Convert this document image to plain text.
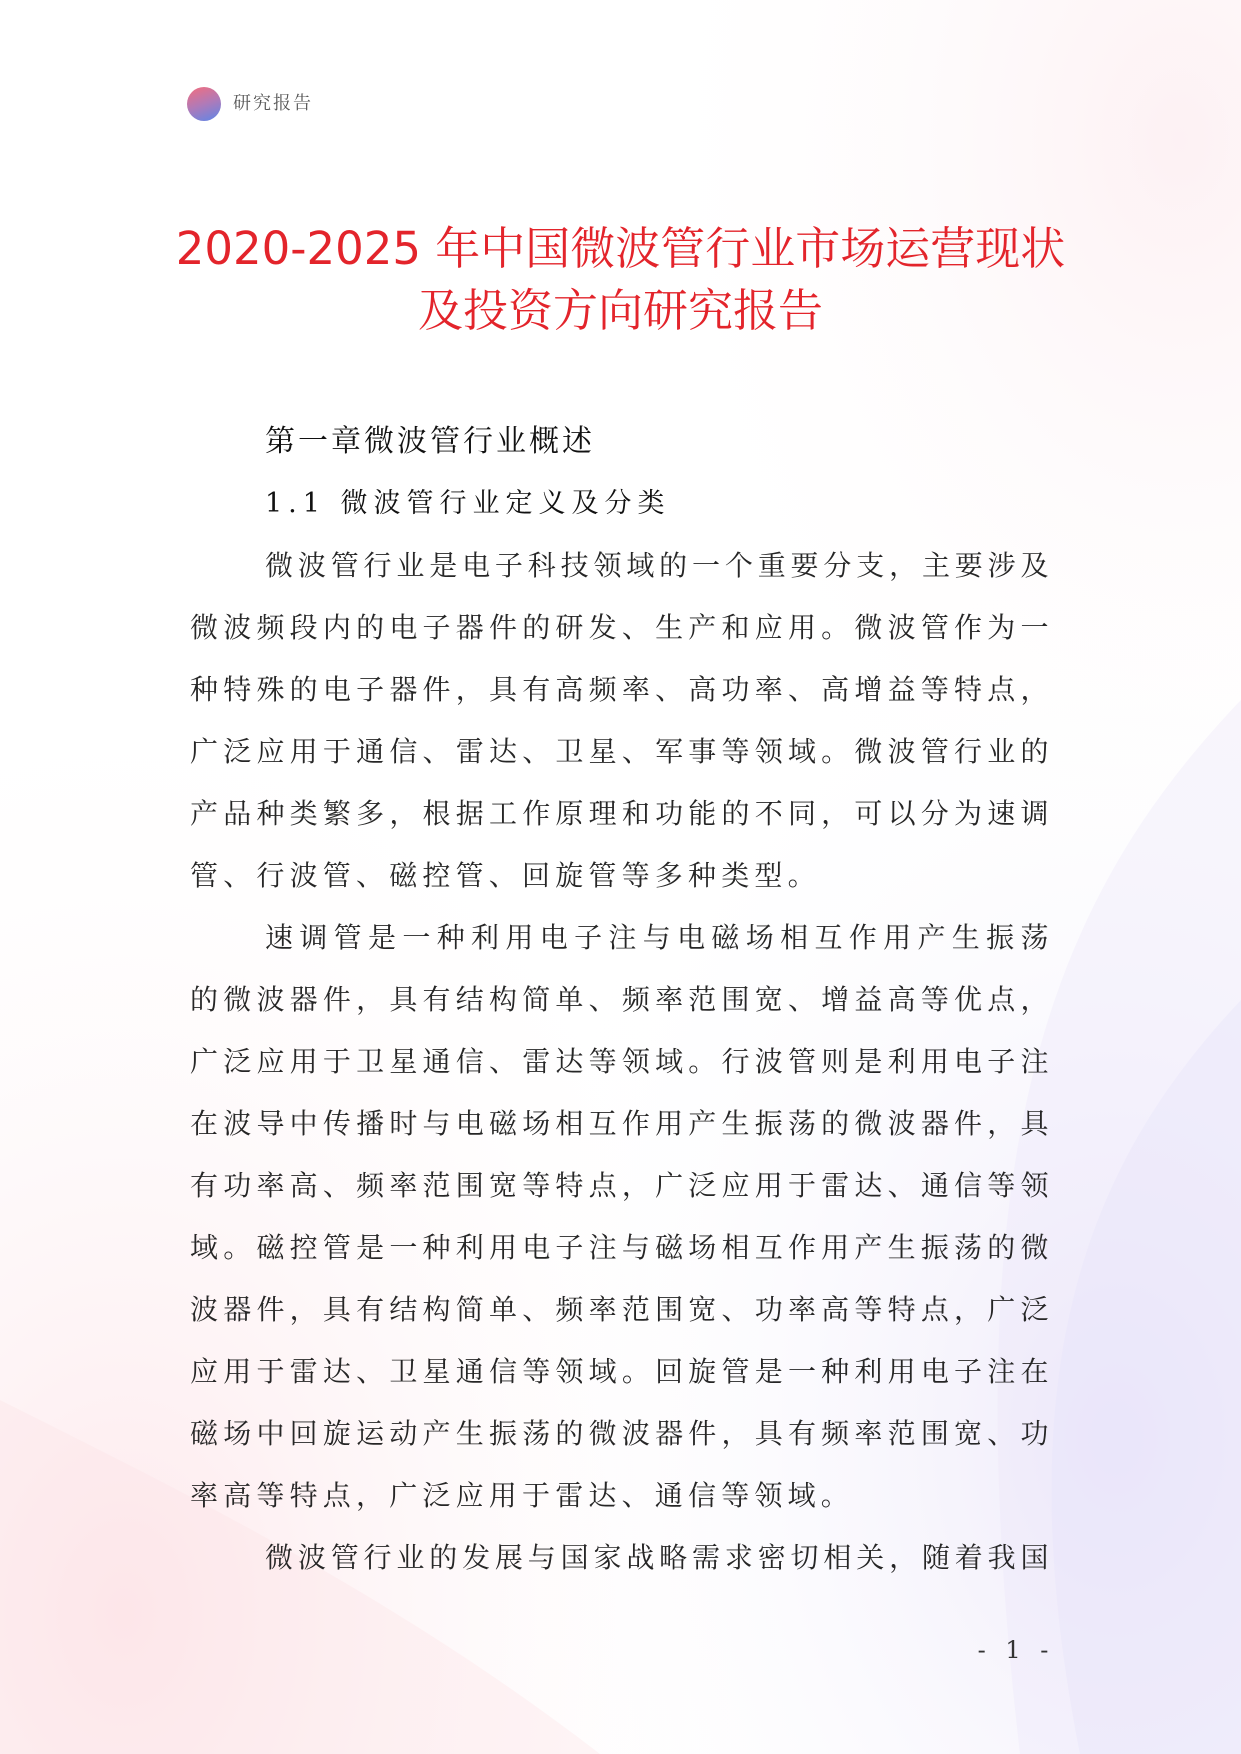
研究报告
2020-2025 年中国微波管行业市场运营现状
及投资方向研究报告
第一章微波管行业概述
1.1 微波管行业定义及分类
微波管行业是电子科技领域的一个重要分支，主要涉及
微波频段内的电子器件的研发、生产和应用。微波管作为一
种特殊的电子器件，具有高频率、高功率、高增益等特点，
广泛应用于通信、雷达、卫星、军事等领域。微波管行业的
产品种类繁多，根据工作原理和功能的不同，可以分为速调
管、行波管、磁控管、回旋管等多种类型。
速调管是一种利用电子注与电磁场相互作用产生振荡
的微波器件，具有结构简单、频率范围宽、增益高等优点，
广泛应用于卫星通信、雷达等领域。行波管则是利用电子注
在波导中传播时与电磁场相互作用产生振荡的微波器件，具
有功率高、频率范围宽等特点，广泛应用于雷达、通信等领
域。磁控管是一种利用电子注与磁场相互作用产生振荡的微
波器件，具有结构简单、频率范围宽、功率高等特点，广泛
应用于雷达、卫星通信等领域。回旋管是一种利用电子注在
磁场中回旋运动产生振荡的微波器件，具有频率范围宽、功
率高等特点，广泛应用于雷达、通信等领域。
微波管行业的发展与国家战略需求密切相关，随着我国
- 1 -
